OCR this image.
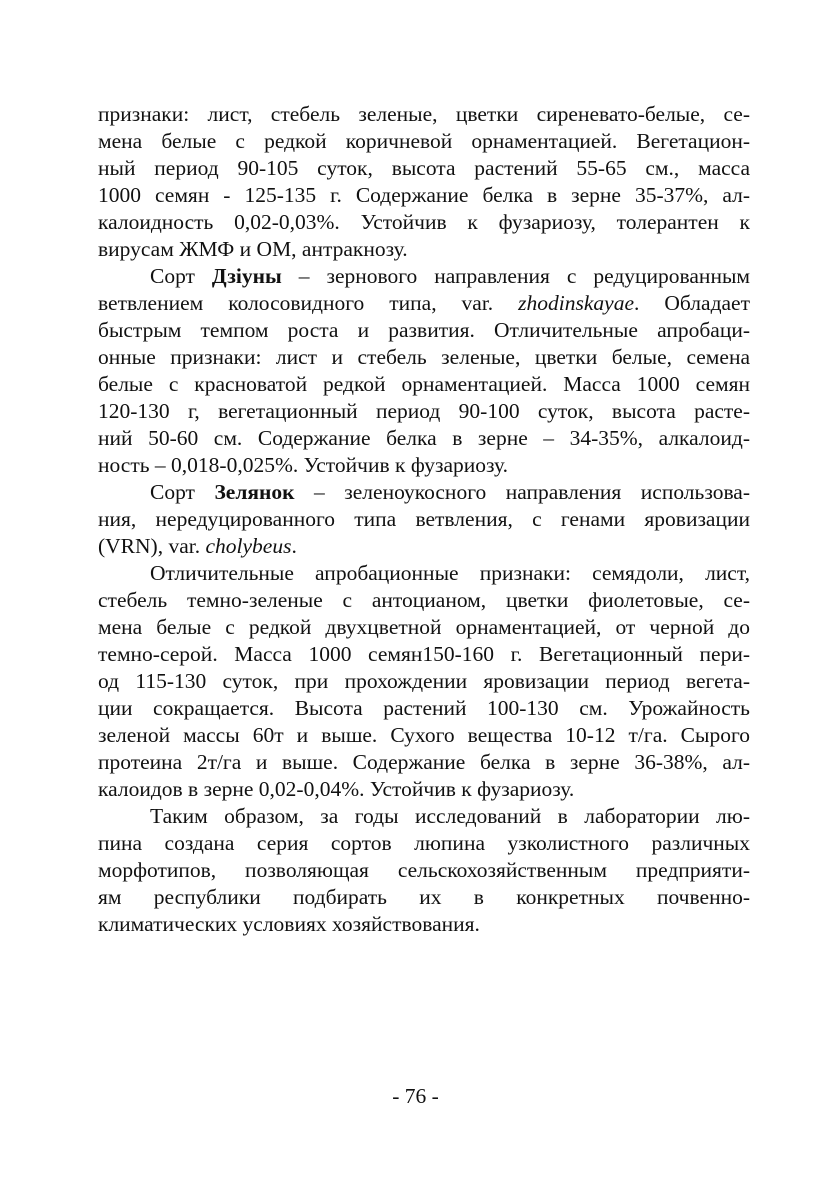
признаки: лист, стебель зеленые, цветки сиреневато-белые, се-
мена белые с редкой коричневой орнаментацией. Вегетацион-
ный период 90-105 суток, высота растений 55-65 см., масса
1000 семян - 125-135 г. Содержание белка в зерне 35-37%, ал-
калоидность 0,02-0,03%. Устойчив к фузариозу, толерантен к
вирусам ЖМФ и ОМ, антракнозу.
Сорт Дзіуны – зернового направления с редуцированным
ветвлением колосовидного типа, var. zhodinskayae. Обладает
быстрым темпом роста и развития. Отличительные апробаци-
онные признаки: лист и стебель зеленые, цветки белые, семена
белые с красноватой редкой орнаментацией. Масса 1000 семян
120-130 г, вегетационный период 90-100 суток, высота расте-
ний 50-60 см. Содержание белка в зерне – 34-35%, алкалоид-
ность – 0,018-0,025%. Устойчив к фузариозу.
Сорт Зелянок – зеленоукосного направления использова-
ния, нередуцированного типа ветвления, с генами яровизации
(VRN), var. cholybeus.
Отличительные апробационные признаки: семядоли, лист,
стебель темно-зеленые с антоцианом, цветки фиолетовые, се-
мена белые с редкой двухцветной орнаментацией, от черной до
темно-серой. Масса 1000 семян150-160 г. Вегетационный пери-
од 115-130 суток, при прохождении яровизации период вегета-
ции сокращается. Высота растений 100-130 см. Урожайность
зеленой массы 60т и выше. Сухого вещества 10-12 т/га. Сырого
протеина 2т/га и выше. Содержание белка в зерне 36-38%, ал-
калоидов в зерне 0,02-0,04%. Устойчив к фузариозу.
Таким образом, за годы исследований в лаборатории лю-
пина создана серия сортов люпина узколистного различных
морфотипов, позволяющая сельскохозяйственным предприяти-
ям республики подбирать их в конкретных почвенно-
климатических условиях хозяйствования.
- 76 -
